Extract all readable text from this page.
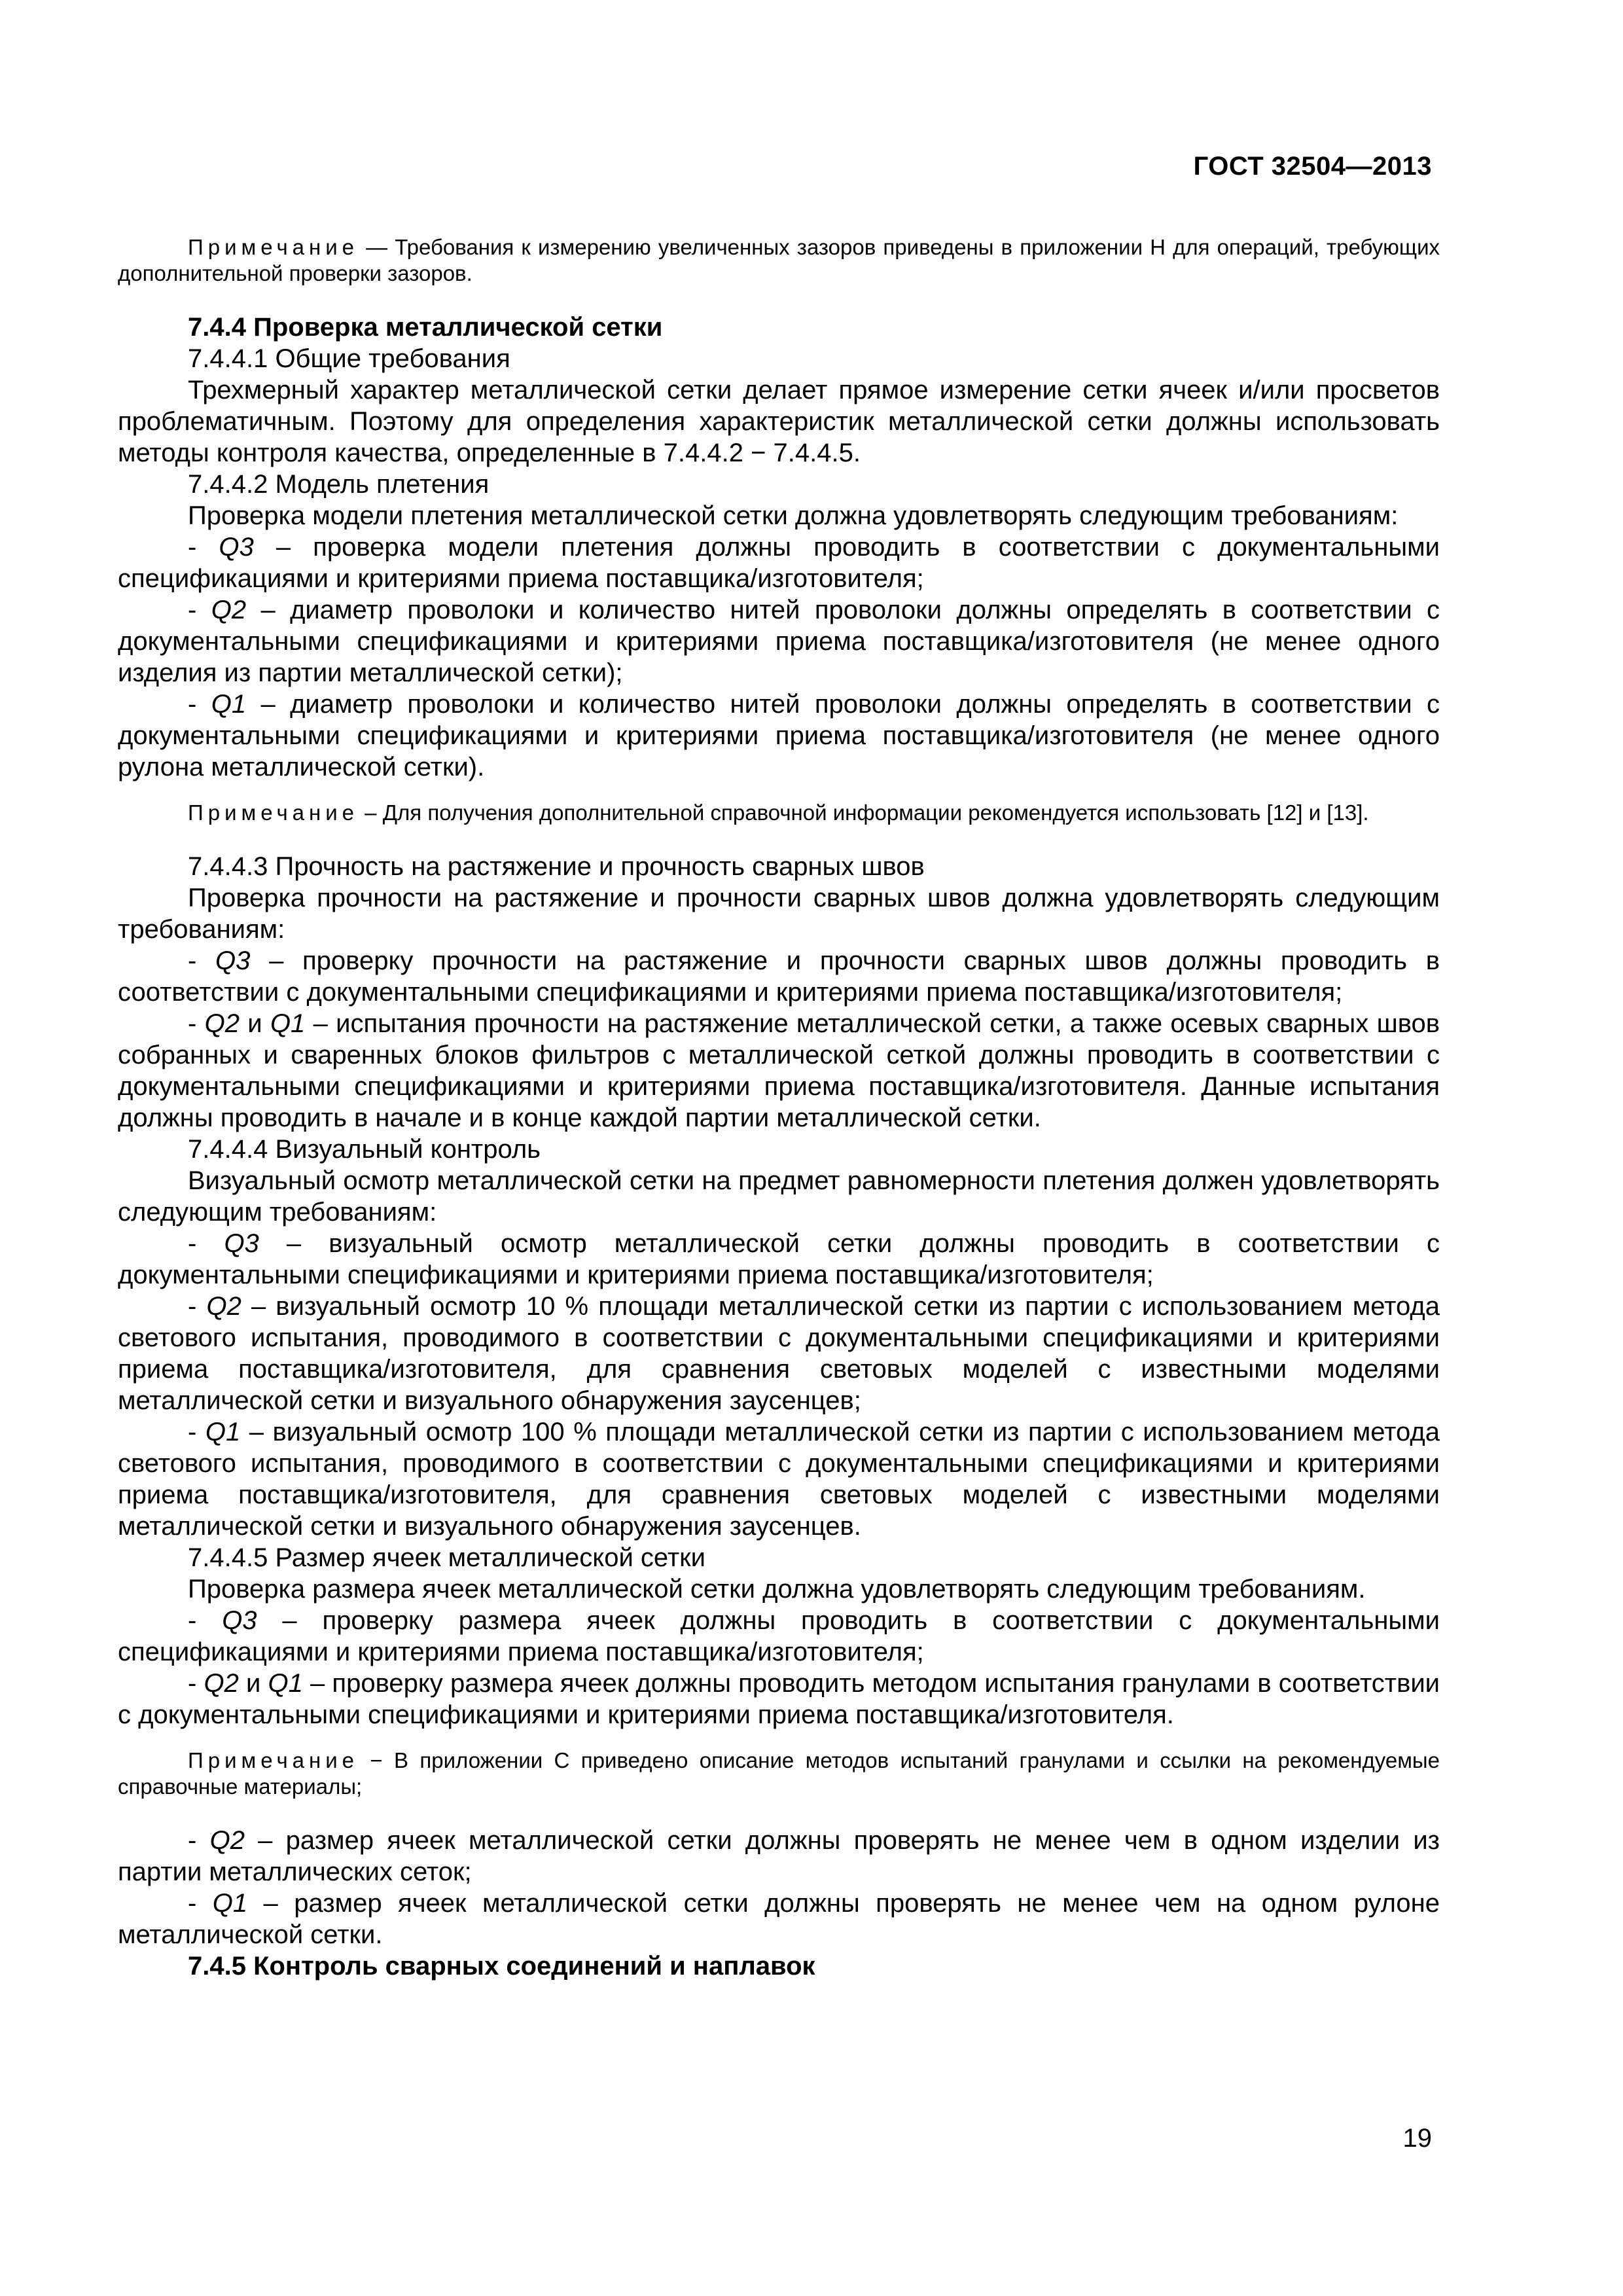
ГОСТ 32504—2013

Примечание — Требования к измерению увеличенных зазоров приведены в приложении Н для операций, требующих дополнительной проверки зазоров.

7.4.4 Проверка металлической сетки

7.4.4.1 Общие требования

Трехмерный характер металлической сетки делает прямое измерение сетки ячеек и/или просветов проблематичным. Поэтому для определения характеристик металлической сетки должны использовать методы контроля качества, определенные в 7.4.4.2 − 7.4.4.5.

7.4.4.2 Модель плетения

Проверка модели плетения металлической сетки должна удовлетворять следующим требованиям:

- Q3 – проверка модели плетения должны проводить в соответствии с документальными спецификациями и критериями приема поставщика/изготовителя;

- Q2 – диаметр проволоки и количество нитей проволоки должны определять в соответствии с документальными спецификациями и критериями приема поставщика/изготовителя (не менее одного изделия из партии металлической сетки);

- Q1 – диаметр проволоки и количество нитей проволоки должны определять в соответствии с документальными спецификациями и критериями приема поставщика/изготовителя (не менее одного рулона металлической сетки).

Примечание – Для получения дополнительной справочной информации рекомендуется использовать [12] и [13].

7.4.4.3 Прочность на растяжение и прочность сварных швов

Проверка прочности на растяжение и прочности сварных швов должна удовлетворять следующим требованиям:

- Q3 – проверку прочности на растяжение и прочности сварных швов должны проводить в соответствии с документальными спецификациями и критериями приема поставщика/изготовителя;

- Q2 и Q1 – испытания прочности на растяжение металлической сетки, а также осевых сварных швов собранных и сваренных блоков фильтров с металлической сеткой должны проводить в соответствии с документальными спецификациями и критериями приема поставщика/изготовителя. Данные испытания должны проводить в начале и в конце каждой партии металлической сетки.

7.4.4.4 Визуальный контроль

Визуальный осмотр металлической сетки на предмет равномерности плетения должен удовлетворять следующим требованиям:

- Q3 – визуальный осмотр металлической сетки должны проводить в соответствии с документальными спецификациями и критериями приема поставщика/изготовителя;

- Q2 – визуальный осмотр 10 % площади металлической сетки из партии с использованием метода светового испытания, проводимого в соответствии с документальными спецификациями и критериями приема поставщика/изготовителя, для сравнения световых моделей с известными моделями металлической сетки и визуального обнаружения заусенцев;

- Q1 – визуальный осмотр 100 % площади металлической сетки из партии с использованием метода светового испытания, проводимого в соответствии с документальными спецификациями и критериями приема поставщика/изготовителя, для сравнения световых моделей с известными моделями металлической сетки и визуального обнаружения заусенцев.

7.4.4.5 Размер ячеек металлической сетки

Проверка размера ячеек металлической сетки должна удовлетворять следующим требованиям.

- Q3 – проверку размера ячеек должны проводить в соответствии с документальными спецификациями и критериями приема поставщика/изготовителя;

- Q2 и Q1 – проверку размера ячеек должны проводить методом испытания гранулами в соответствии с документальными спецификациями и критериями приема поставщика/изготовителя.

Примечание − В приложении С приведено описание методов испытаний гранулами и ссылки на рекомендуемые справочные материалы;

- Q2 – размер ячеек металлической сетки должны проверять не менее чем в одном изделии из партии металлических сеток;

- Q1 – размер ячеек металлической сетки должны проверять не менее чем на одном рулоне металлической сетки.

7.4.5 Контроль сварных соединений и наплавок

19
